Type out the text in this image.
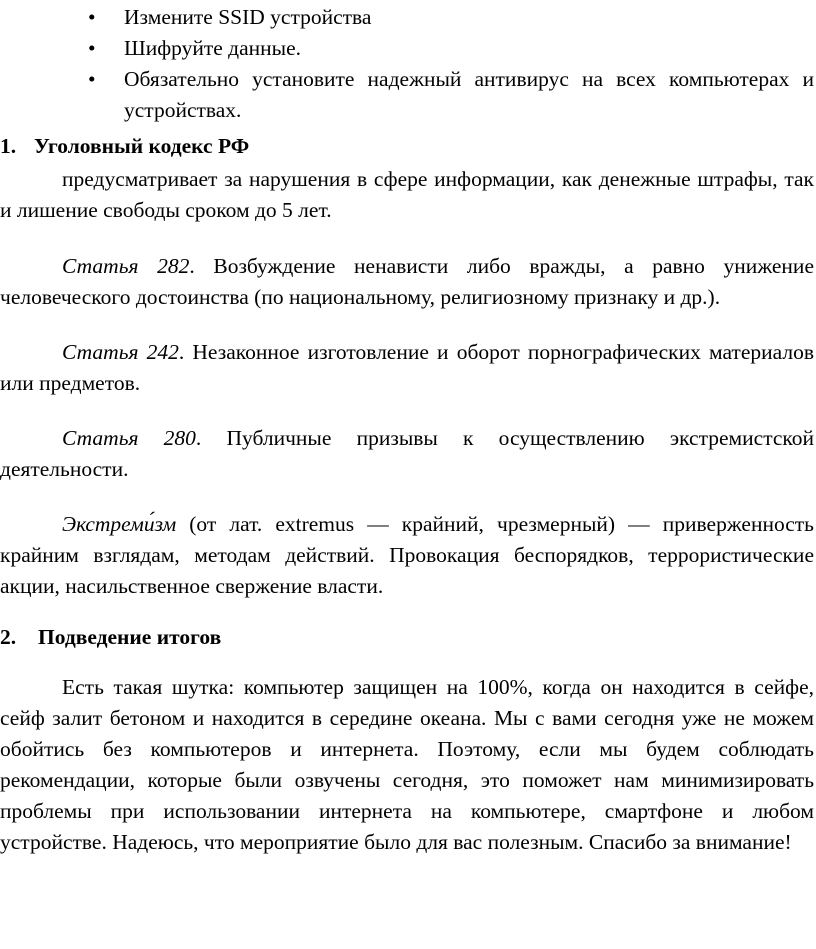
• Измените SSID устройства
• Шифруйте данные.
• Обязательно установите надежный антивирус на всех компьютерах и устройствах.
1. Уголовный кодекс РФ

предусматривает за нарушения в сфере информации, как денежные штрафы, так и лишение свободы сроком до 5 лет.

Статья 282. Возбуждение ненависти либо вражды, а равно унижение человеческого достоинства (по национальному, религиозному признаку и др.).

Статья 242. Незаконное изготовление и оборот порнографических материалов или предметов.

Статья 280. Публичные призывы к осуществлению экстремистской деятельности.

Экстреми́зм (от лат. extremus — крайний, чрезмерный) — приверженность крайним взглядам, методам действий. Провокация беспорядков, террористические акции, насильственное свержение власти.

2. Подведение итогов

Есть такая шутка: компьютер защищен на 100%, когда он находится в сейфе, сейф залит бетоном и находится в середине океана. Мы с вами сегодня уже не можем обойтись без компьютеров и интернета. Поэтому, если мы будем соблюдать рекомендации, которые были озвучены сегодня, это поможет нам минимизировать проблемы при использовании интернета на компьютере, смартфоне и любом устройстве. Надеюсь, что мероприятие было для вас полезным. Спасибо за внимание!
